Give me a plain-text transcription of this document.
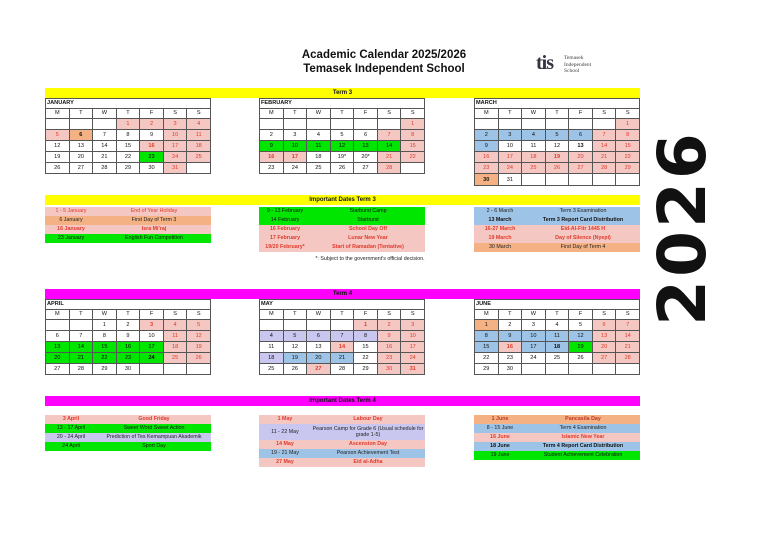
Academic Calendar 2025/2026
Temasek Independent School	tis Temasek
Independent
School
2026
Term 3
JANUARY						
M	T	W	T	F	S	S
			1	2	3	4
5	6	7	8	9	10	11
12	13	14	15	16	17	18
19	20	21	22	23	24	25
26	27	28	29	30	31	
FEBRUARY						
M	T	W	T	F	S	S
						1
2	3	4	5	6	7	8
9	10	11	12	13	14	15
16	17	18	19*	20*	21	22
23	24	25	26	27	28	
MARCH						
M	T	W	T	F	S	S
						1
2	3	4	5	6	7	8
9	10	11	12	13	14	15
16	17	18	19	20	21	22
23	24	25	26	27	28	29
30	31					
Important Dates Term 3
1 - 5 January	End of Year Holiday
6 January	First Day of Term 3
16 January	Isra Mi'raj
23 January	English Fun Competition
9 - 13 February	Starburst Camp
14 February	Starburst
16 February	School Day Off
17 February	Lunar New Year
19/20 February*	Start of Ramadan (Tentative)
*: Subject to the government's official decision.	
2 - 6 March	Term 3 Examination
13 March	Term 3 Report Card Distribution
16-27 March	Eid-Al-Fitr 1445 H
19 March	Day of Silence (Nyepi)
30 March	First Day of Term 4
Term 4
APRIL						
M	T	W	T	F	S	S
		1	2	3	4	5
6	7	8	9	10	11	12
13	14	15	16	17	18	19
20	21	22	23	24	25	26
27	28	29	30			
MAY						
M	T	W	T	F	S	S
				1	2	3
4	5	6	7	8	9	10
11	12	13	14	15	16	17
18	19	20	21	22	23	24
25	26	27	28	29	30	31
JUNE						
M	T	W	T	F	S	S
1	2	3	4	5	6	7
8	9	10	11	12	13	14
15	16	17	18	19	20	21
22	23	24	25	26	27	28
29	30					
Important Dates Term 4
3 April	Good Friday
13 - 17 April	Sweet Word Sweet Action
20 - 24 April	Prediction of Tes Kemampuan Akademik
24 April	Sport Day
1 May	Labour Day
11 - 22 May	Pearson Camp for Grade 6 (Usual schedule for grade 1-5)
14 May	Ascension Day
19 - 21 May	Pearson Achievement Test
27 May	Eid al-Adha
1 June	Pancasila Day
8 - 15 June	Term 4 Examination
16 June	Islamic New Year
18 June	Term 4 Report Card Distribution
19 June	Student Achievement Celebration
